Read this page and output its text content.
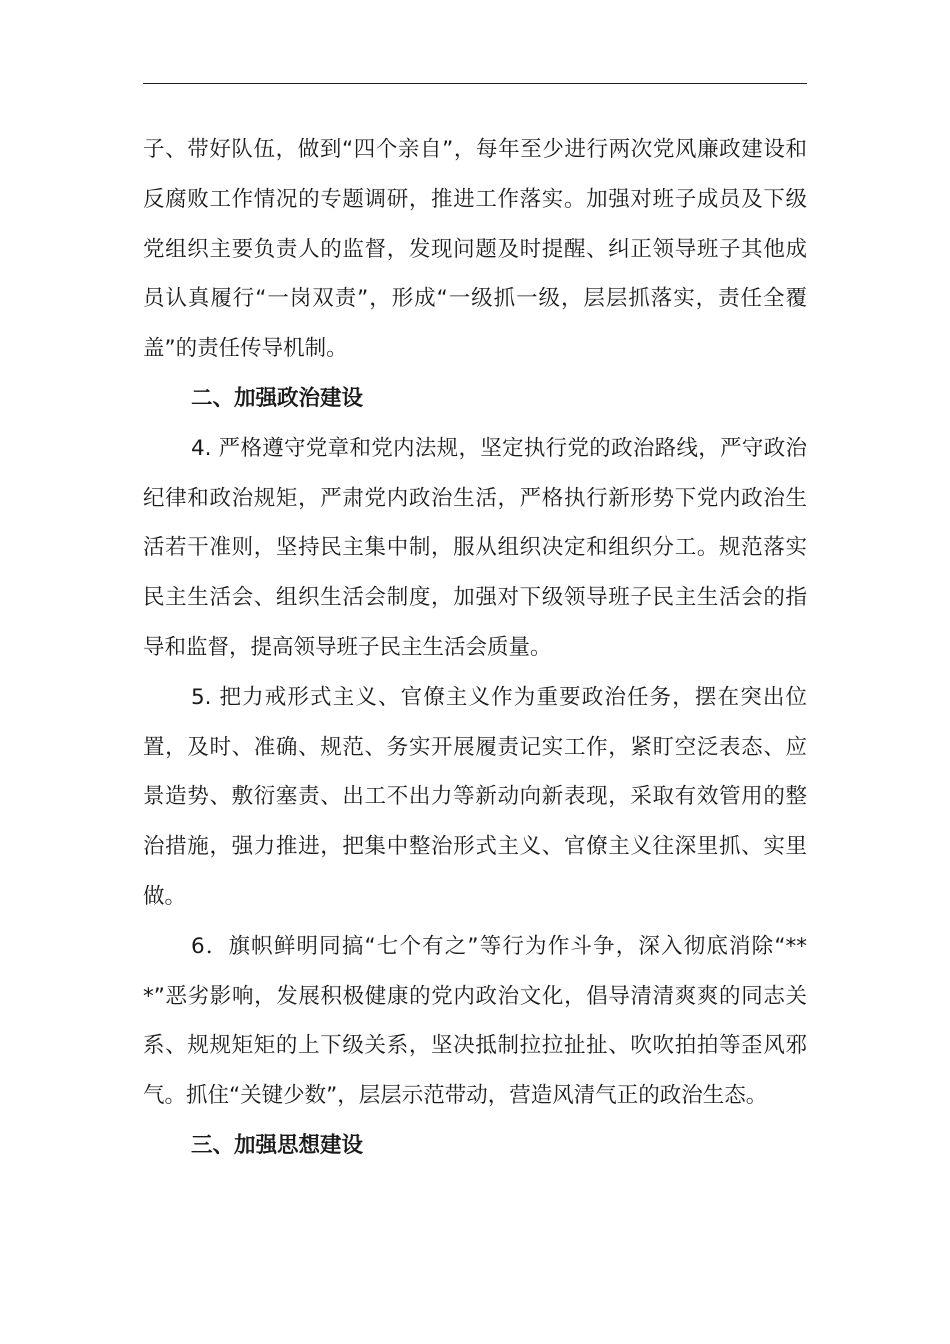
子、带好队伍，做到“四个亲自”，每年至少进行两次党风廉政建设和反腐败工作情况的专题调研，推进工作落实。加强对班子成员及下级党组织主要负责人的监督，发现问题及时提醒、纠正领导班子其他成员认真履行“一岗双责”，形成“一级抓一级，层层抓落实，责任全覆盖”的责任传导机制。

二、加强政治建设

4. 严格遵守党章和党内法规，坚定执行党的政治路线，严守政治纪律和政治规矩，严肃党内政治生活，严格执行新形势下党内政治生活若干准则，坚持民主集中制，服从组织决定和组织分工。规范落实民主生活会、组织生活会制度，加强对下级领导班子民主生活会的指导和监督，提高领导班子民主生活会质量。

5. 把力戒形式主义、官僚主义作为重要政治任务，摆在突出位置，及时、准确、规范、务实开展履责记实工作，紧盯空泛表态、应景造势、敷衍塞责、出工不出力等新动向新表现，采取有效管用的整治措施，强力推进，把集中整治形式主义、官僚主义往深里抓、实里做。

6．旗帜鲜明同搞“七个有之”等行为作斗争，深入彻底消除“***”恶劣影响，发展积极健康的党内政治文化，倡导清清爽爽的同志关系、规规矩矩的上下级关系，坚决抵制拉拉扯扯、吹吹拍拍等歪风邪气。抓住“关键少数”，层层示范带动，营造风清气正的政治生态。

三、加强思想建设
